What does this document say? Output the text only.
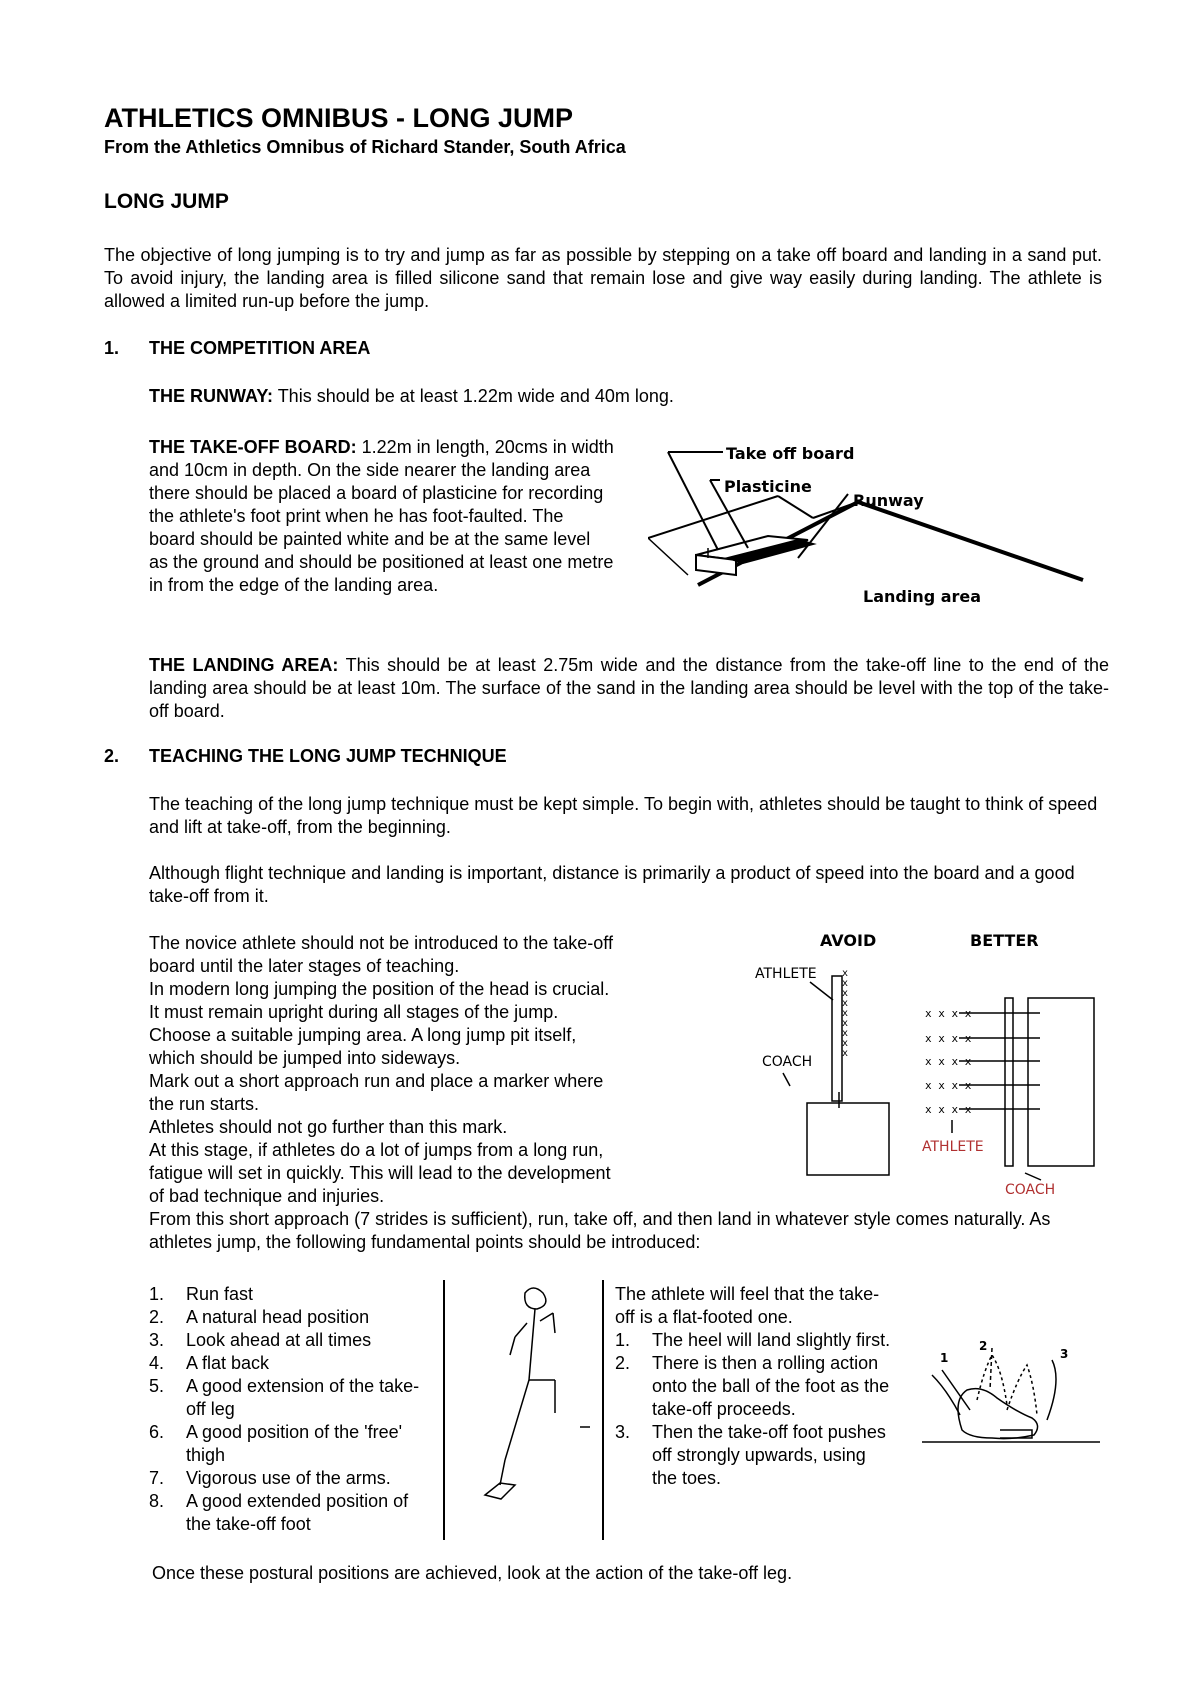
ATHLETICS OMNIBUS - LONG JUMP
From the Athletics Omnibus of Richard Stander, South Africa
LONG JUMP
The objective of long jumping is to try and jump as far as possible by stepping on a take off board and landing in a sand put. To avoid injury, the landing area is filled silicone sand that remain lose and give way easily during landing. The athlete is allowed a limited run-up before the jump.
1. THE COMPETITION AREA
THE RUNWAY: This should be at least 1.22m wide and 40m long.
THE TAKE-OFF BOARD: 1.22m in length, 20cms in width and 10cm in depth. On the side nearer the landing area there should be placed a board of plasticine for recording the athlete's foot print when he has foot-faulted. The board should be painted white and be at the same level as the ground and should be positioned at least one metre in from the edge of the landing area.
Take off board
Plasticine
Runway
Landing area
THE LANDING AREA: This should be at least 2.75m wide and the distance from the take-off line to the end of the landing area should be at least 10m. The surface of the sand in the landing area should be level with the top of the take-off board.
2. TEACHING THE LONG JUMP TECHNIQUE
The teaching of the long jump technique must be kept simple. To begin with, athletes should be taught to think of speed and lift at take-off, from the beginning.
Although flight technique and landing is important, distance is primarily a product of speed into the board and a good take-off from it.
The novice athlete should not be introduced to the take-off
board until the later stages of teaching.
In modern long jumping the position of the head is crucial.
It must remain upright during all stages of the jump.
Choose a suitable jumping area. A long jump pit itself,
which should be jumped into sideways.
Mark out a short approach run and place a marker where
the run starts.
Athletes should not go further than this mark.
At this stage, if athletes do a lot of jumps from a long run,
fatigue will set in quickly. This will lead to the development
of bad technique and injuries.
AVOID	BETTER
ATHLETE
COACH
x
x
x
x
x
x
x
x
x
x x x x
x x x x
x x x x
x x x x
x x x x
ATHLETE
COACH
From this short approach (7 strides is sufficient), run, take off, and then land in whatever style comes naturally. As athletes jump, the following fundamental points should be introduced:
1. Run fast
2. A natural head position
3. Look ahead at all times
4. A flat back
5. A good extension of the take-off leg
6. A good position of the 'free' thigh
7. Vigorous use of the arms.
8. A good extended position of the take-off foot
The athlete will feel that the take-off is a flat-footed one.
1. The heel will land slightly first.
2. There is then a rolling action onto the ball of the foot as the take-off proceeds.
3. Then the take-off foot pushes off strongly upwards, using the toes.
1
2
3
Once these postural positions are achieved, look at the action of the take-off leg.
